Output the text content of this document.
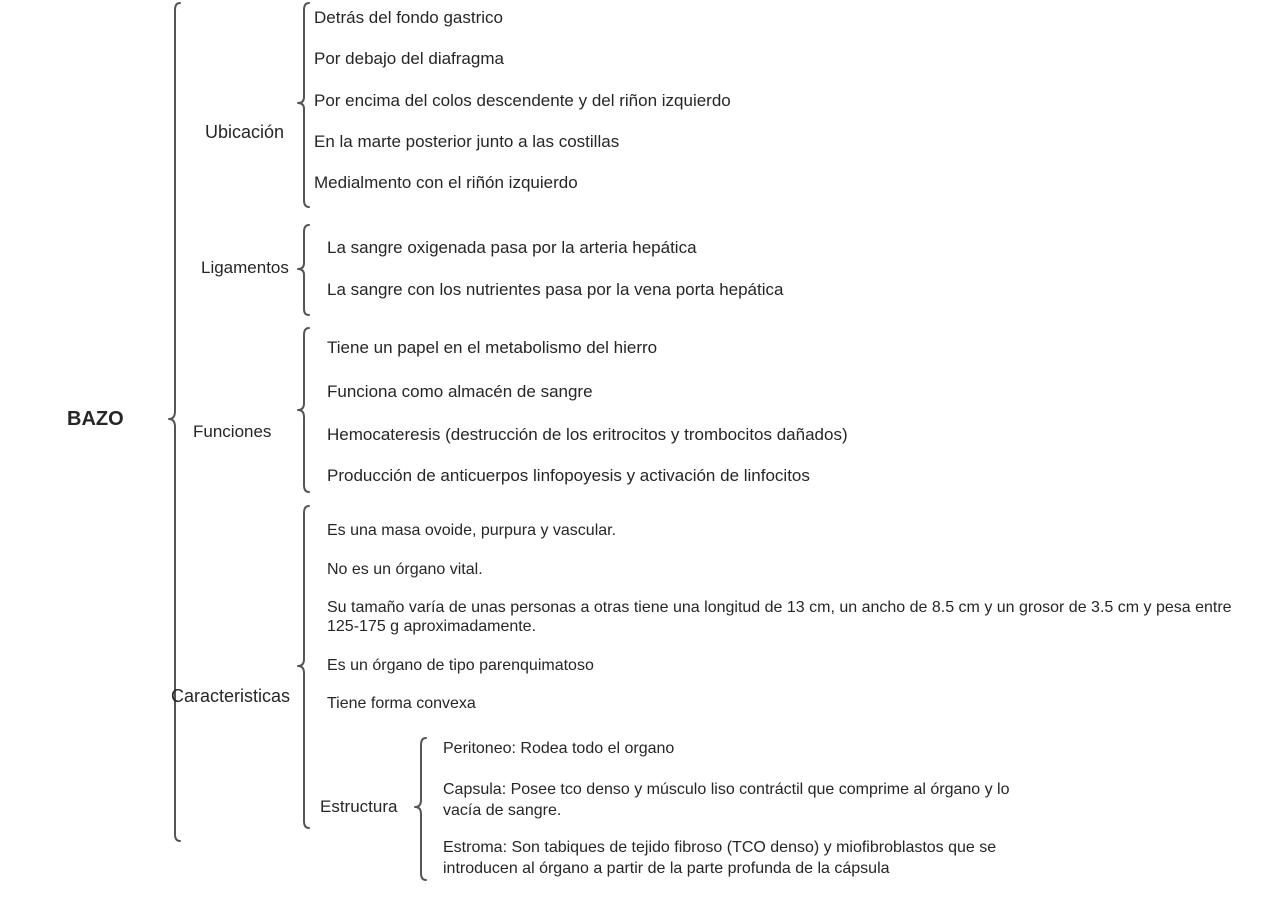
BAZO
Ubicación
Detrás del fondo gastrico
Por debajo del diafragma
Por encima del colos descendente y del riñon izquierdo
En la marte posterior junto a las costillas
Medialmento con el riñón izquierdo
Ligamentos
La sangre oxigenada pasa por la arteria hepática
La sangre con los nutrientes pasa por la vena porta hepática
Funciones
Tiene un papel en el metabolismo del hierro
Funciona como almacén de sangre
Hemocateresis (destrucción de los eritrocitos y trombocitos dañados)
Producción de anticuerpos linfopoyesis y activación de linfocitos
Caracteristicas
Es una masa ovoide, purpura y vascular.
No es un órgano vital.
Su tamaño varía de unas personas a otras tiene una longitud de 13 cm, un ancho de 8.5 cm y un grosor de 3.5 cm y pesa entre 125-175 g aproximadamente.
Es un órgano de tipo parenquimatoso
Tiene forma convexa
Estructura
Peritoneo: Rodea todo el organo
Capsula: Posee tco denso y músculo liso contráctil que comprime al órgano y lo vacía de sangre.
Estroma: Son tabiques de tejido fibroso (TCO denso) y miofibroblastos que se introducen al órgano a partir de la parte profunda de la cápsula
